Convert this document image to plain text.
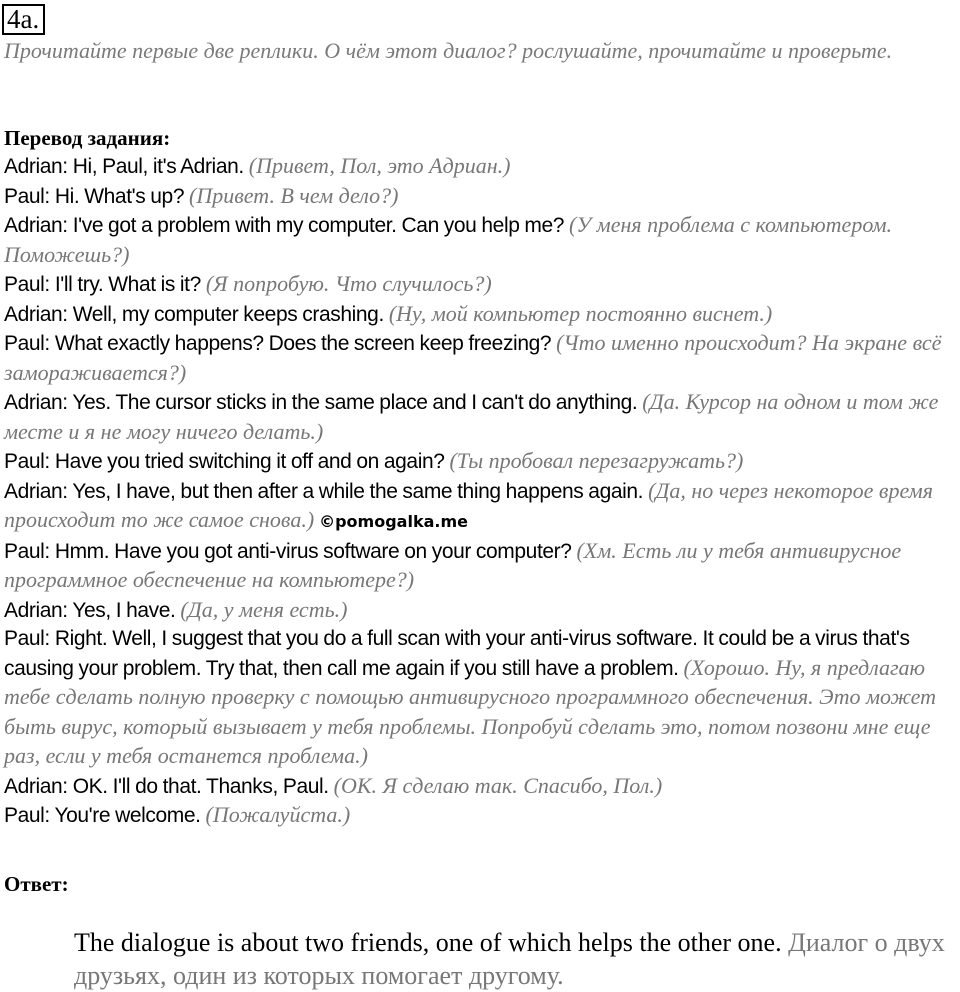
4a.

Прочитайте первые две реплики. О чём этот диалог? рослушайте, прочитайте и проверьте.

Перевод задания:

Adrian: Hi, Paul, it's Adrian. (Привет, Пол, это Адриан.)
Paul: Hi. What's up? (Привет. В чем дело?)
Adrian: I've got a problem with my computer. Can you help me? (У меня проблема с компьютером. Поможешь?)
Paul: I'll try. What is it? (Я попробую. Что случилось?)
Adrian: Well, my computer keeps crashing. (Ну, мой компьютер постоянно виснет.)
Paul: What exactly happens? Does the screen keep freezing? (Что именно происходит? На экране всё замораживается?)
Adrian: Yes. The cursor sticks in the same place and I can't do anything. (Да. Курсор на одном и том же месте и я не могу ничего делать.)
Paul: Have you tried switching it off and on again? (Ты пробовал перезагружать?)
Adrian: Yes, I have, but then after a while the same thing happens again. (Да, но через некоторое время происходит то же самое снова.) ©pomogalka.me
Paul: Hmm. Have you got anti-virus software on your computer? (Хм. Есть ли у тебя антивирусное программное обеспечение на компьютере?)
Adrian: Yes, I have. (Да, у меня есть.)
Paul: Right. Well, I suggest that you do a full scan with your anti-virus software. It could be a virus that's causing your problem. Try that, then call me again if you still have a problem. (Хорошо. Ну, я предлагаю тебе сделать полную проверку с помощью антивирусного программного обеспечения. Это может быть вирус, который вызывает у тебя проблемы. Попробуй сделать это, потом позвони мне еще раз, если у тебя останется проблема.)
Adrian: OK. I'll do that. Thanks, Paul. (OK. Я сделаю так. Спасибо, Пол.)
Paul: You're welcome. (Пожалуйста.)

Ответ:

The dialogue is about two friends, one of which helps the other one. Диалог о двух друзьях, один из которых помогает другому.
